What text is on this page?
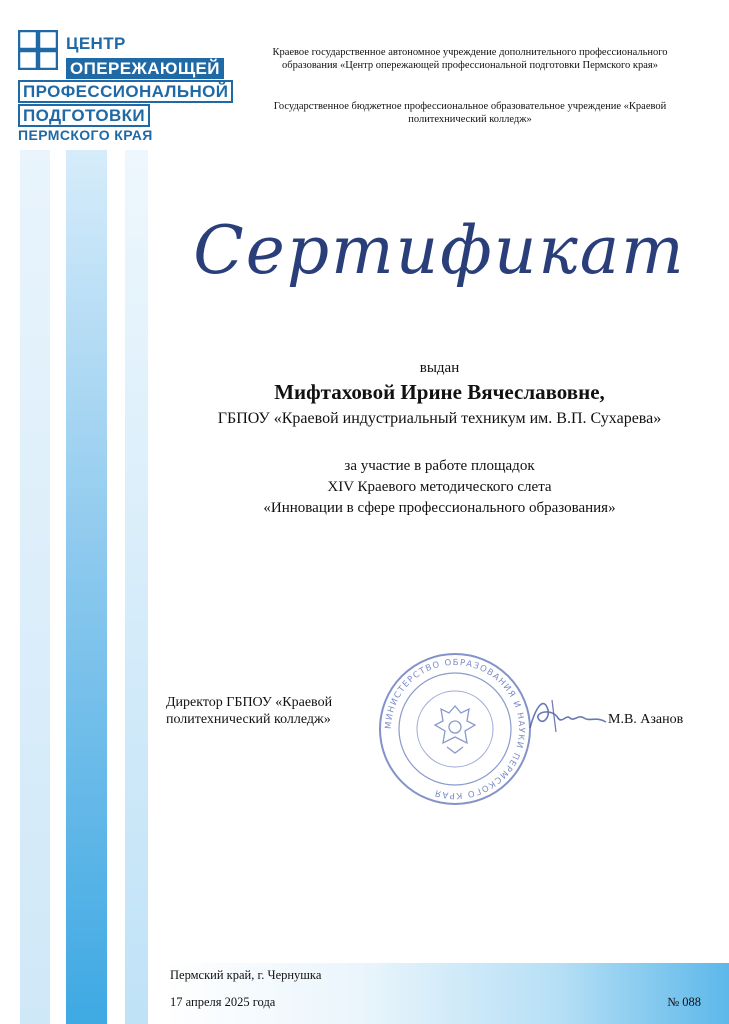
ЦЕНТР
ОПЕРЕЖАЮЩЕЙ
ПРОФЕССИОНАЛЬНОЙ
ПОДГОТОВКИ
ПЕРМСКОГО КРАЯ
Краевое государственное автономное учреждение дополнительного профессионального образования «Центр опережающей профессиональной подготовки Пермского края»
Государственное бюджетное профессиональное образовательное учреждение «Краевой политехнический колледж»
Сертификат
выдан
Мифтаховой Ирине Вячеславовне,
ГБПОУ «Краевой индустриальный техникум им. В.П. Сухарева»
за участие в работе площадок
XIV Краевого методического слета
«Инновации в сфере профессионального образования»
Директор ГБПОУ «Краевой политехнический колледж»	МИНИСТЕРСТВО ОБРАЗОВАНИЯ И НАУКИ ПЕРМСКОГО КРАЯ
М.В. Азанов
Пермский край, г. Чернушка
17 апреля 2025 года	№ 088
